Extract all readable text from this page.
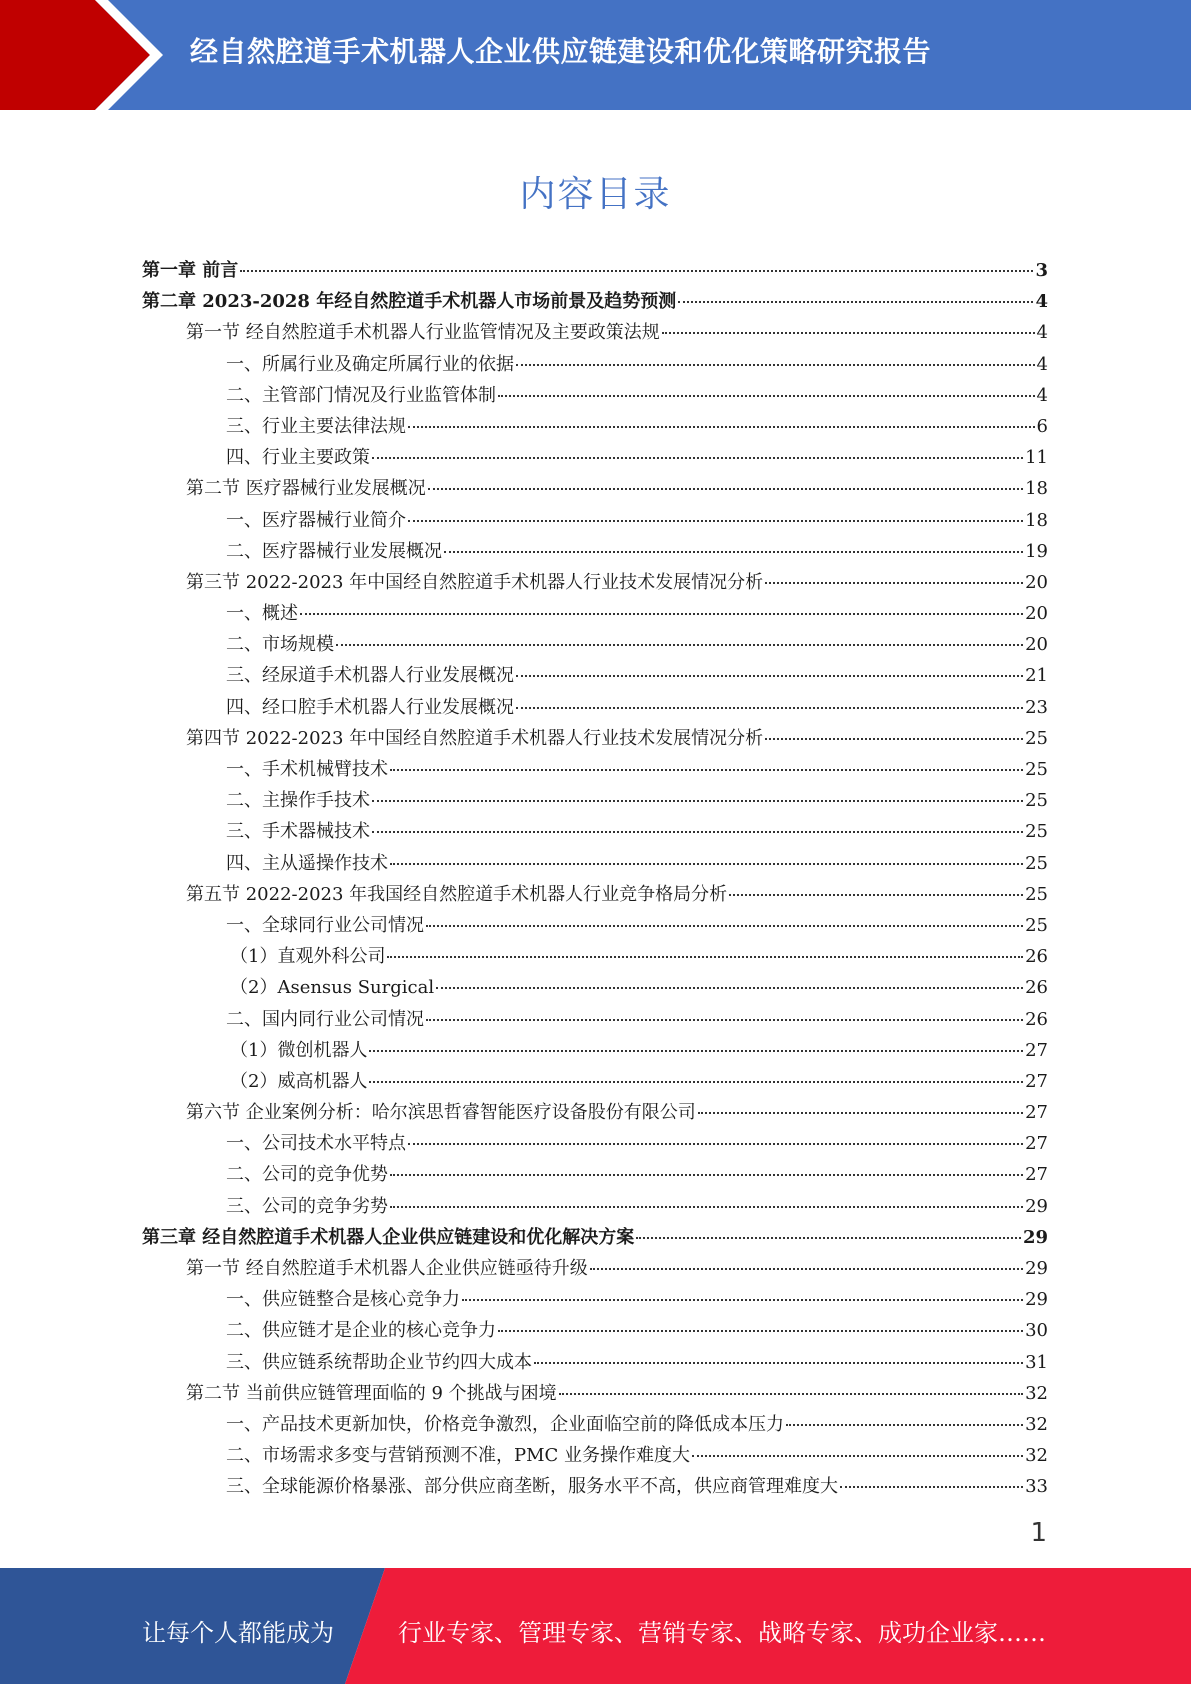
经自然腔道手术机器人企业供应链建设和优化策略研究报告
内容目录
第一章 前言	3
第二章 2023-2028 年经自然腔道手术机器人市场前景及趋势预测	4
第一节 经自然腔道手术机器人行业监管情况及主要政策法规	4
一、所属行业及确定所属行业的依据	4
二、主管部门情况及行业监管体制	4
三、行业主要法律法规	6
四、行业主要政策	11
第二节 医疗器械行业发展概况	18
一、医疗器械行业简介	18
二、医疗器械行业发展概况	19
第三节 2022-2023 年中国经自然腔道手术机器人行业技术发展情况分析	20
一、概述	20
二、市场规模	20
三、经尿道手术机器人行业发展概况	21
四、经口腔手术机器人行业发展概况	23
第四节 2022-2023 年中国经自然腔道手术机器人行业技术发展情况分析	25
一、手术机械臂技术	25
二、主操作手技术	25
三、手术器械技术	25
四、主从遥操作技术	25
第五节 2022-2023 年我国经自然腔道手术机器人行业竞争格局分析	25
一、全球同行业公司情况	25
（1）直观外科公司	26
（2）Asensus Surgical	26
二、国内同行业公司情况	26
（1）微创机器人	27
（2）威高机器人	27
第六节 企业案例分析：哈尔滨思哲睿智能医疗设备股份有限公司	27
一、公司技术水平特点	27
二、公司的竞争优势	27
三、公司的竞争劣势	29
第三章 经自然腔道手术机器人企业供应链建设和优化解决方案	29
第一节 经自然腔道手术机器人企业供应链亟待升级	29
一、供应链整合是核心竞争力	29
二、供应链才是企业的核心竞争力	30
三、供应链系统帮助企业节约四大成本	31
第二节 当前供应链管理面临的 9 个挑战与困境	32
一、产品技术更新加快，价格竞争激烈，企业面临空前的降低成本压力	32
二、市场需求多变与营销预测不准，PMC 业务操作难度大	32
三、全球能源价格暴涨、部分供应商垄断，服务水平不高，供应商管理难度大	33
1
让每个人都能成为	行业专家、管理专家、营销专家、战略专家、成功企业家……
